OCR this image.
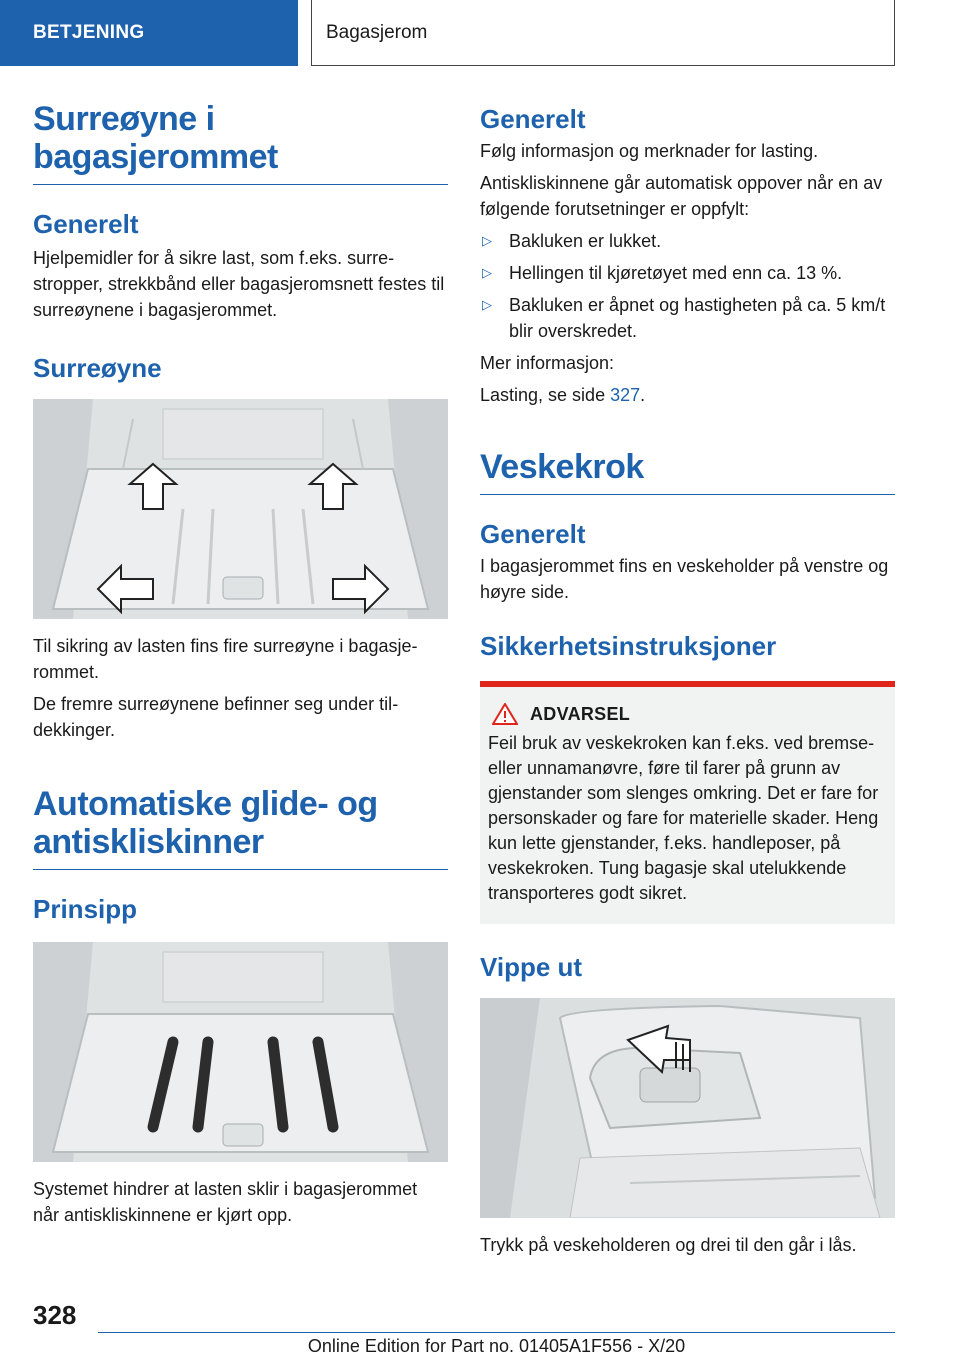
BETJENING	Bagasjerom
Surreøyne i bagasjerommet
Generelt

Hjelpemidler for å sikre last, som f.eks. surrestropper, strekkbånd eller bagasjeromsnett festes til surreøynene i bagasjerommet.

Surreøyne

Til sikring av lasten fins fire surreøyne i bagasjerommet.

De fremre surreøynene befinner seg under tildekkinger.

Automatiske glide- og antiskliskinner
Prinsipp

Systemet hindrer at lasten sklir i bagasjerommet når antiskliskinnene er kjørt opp.

Generelt

Følg informasjon og merknader for lasting.

Antiskliskinnene går automatisk oppover når en av følgende forutsetninger er oppfylt:

▷ Bakluken er lukket.
▷ Hellingen til kjøretøyet med enn ca. 13 %.
▷ Bakluken er åpnet og hastigheten på ca. 5 km/t blir overskredet.

Mer informasjon:

Lasting, se side 327.

Veskekrok
Generelt

I bagasjerommet fins en veskeholder på venstre og høyre side.

Sikkerhetsinstruksjoner
ADVARSEL

Feil bruk av veskekroken kan f.eks. ved bremse- eller unnamanøvre, føre til farer på grunn av gjenstander som slenges omkring. Det er fare for personskader og fare for materielle skader. Heng kun lette gjenstander, f.eks. handleposer, på veskekroken. Tung bagasje skal utelukkende transporteres godt sikret.

Vippe ut

Trykk på veskeholderen og drei til den går i lås.

328
Online Edition for Part no. 01405A1F556 - X/20
